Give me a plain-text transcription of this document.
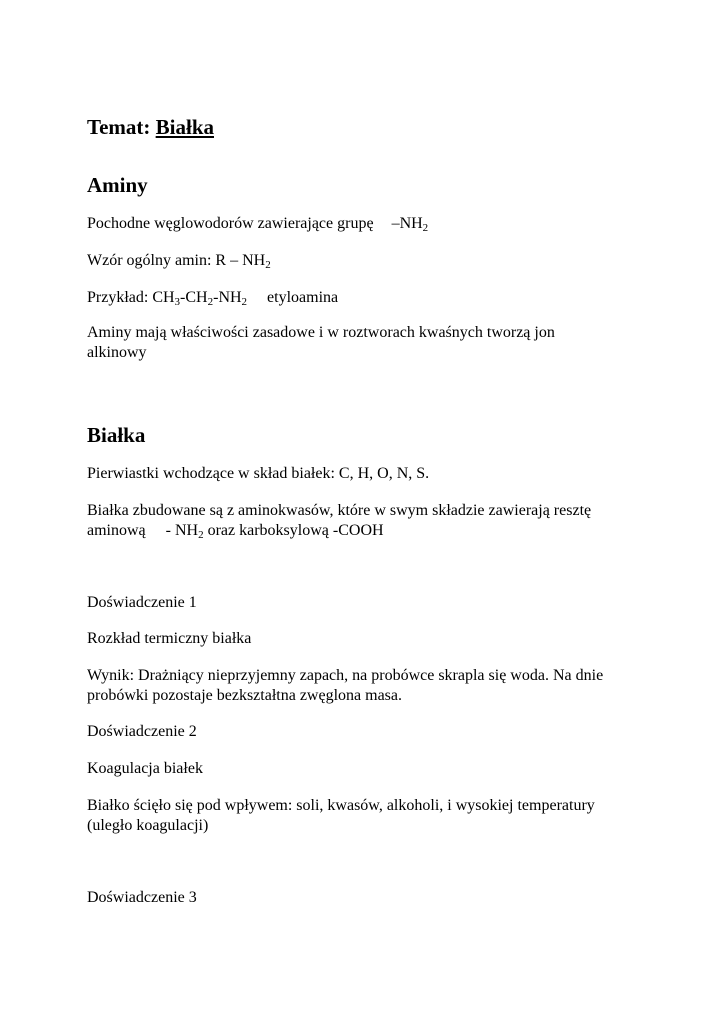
Temat: Białka
Aminy
Pochodne węglowodorów zawierające grupę $-NH_2$
Wzór ogólny amin: R – $NH_2$
Przykład: $CH_3-CH_2-NH_2$ etyloamina
Aminy mają właściwości zasadowe i w roztworach kwaśnych tworzą jon
alkinowy
Białka
Pierwiastki wchodzące w skład białek: C, H, O, N, S.
Białka zbudowane są z aminokwasów, które w swym składzie zawierają resztę
aminową - $NH_2$ oraz karboksylową -COOH
Doświadczenie 1
Rozkład termiczny białka
Wynik: Drażniący nieprzyjemny zapach, na probówce skrapla się woda. Na dnie
probówki pozostaje bezkształtna zwęglona masa.
Doświadczenie 2
Koagulacja białek
Białko ścięło się pod wpływem: soli, kwasów, alkoholi, i wysokiej temperatury
(uległo koagulacji)
Doświadczenie 3
